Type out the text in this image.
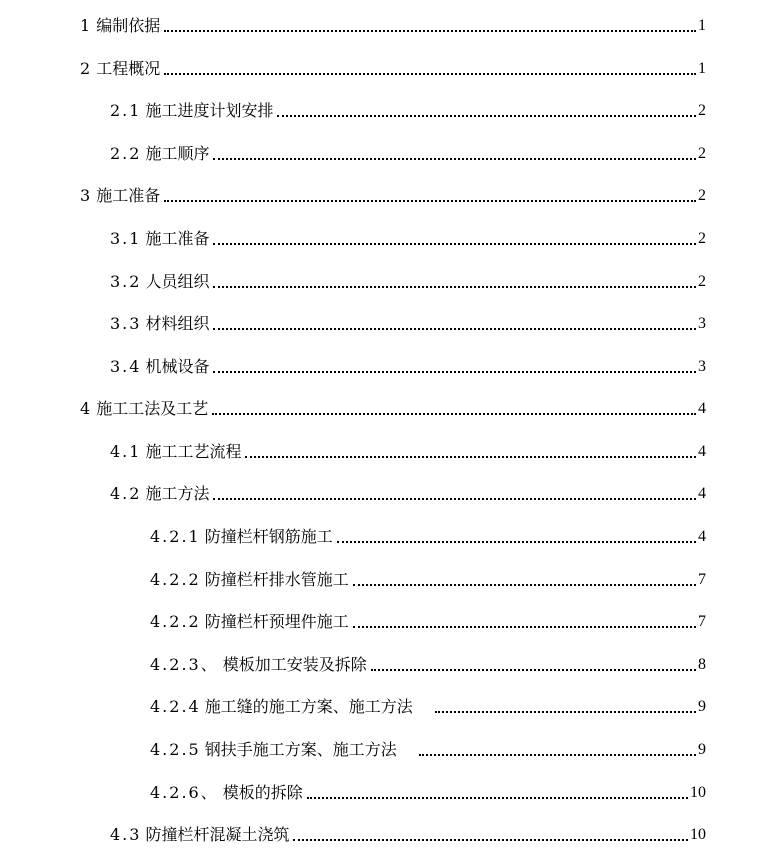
1 编制依据	1
2 工程概况	1
2.1 施工进度计划安排	2
2.2 施工顺序	2
3 施工准备	2
3.1 施工准备	2
3.2 人员组织	2
3.3 材料组织	3
3.4 机械设备	3
4 施工工法及工艺	4
4.1 施工工艺流程	4
4.2 施工方法	4
4.2.1 防撞栏杆钢筋施工	4
4.2.2 防撞栏杆排水管施工	7
4.2.2 防撞栏杆预埋件施工	7
4.2.3、 模板加工安装及拆除	8
4.2.4 施工缝的施工方案、施工方法	9
4.2.5 钢扶手施工方案、施工方法	9
4.2.6、 模板的拆除	10
4.3 防撞栏杆混凝土浇筑	10
